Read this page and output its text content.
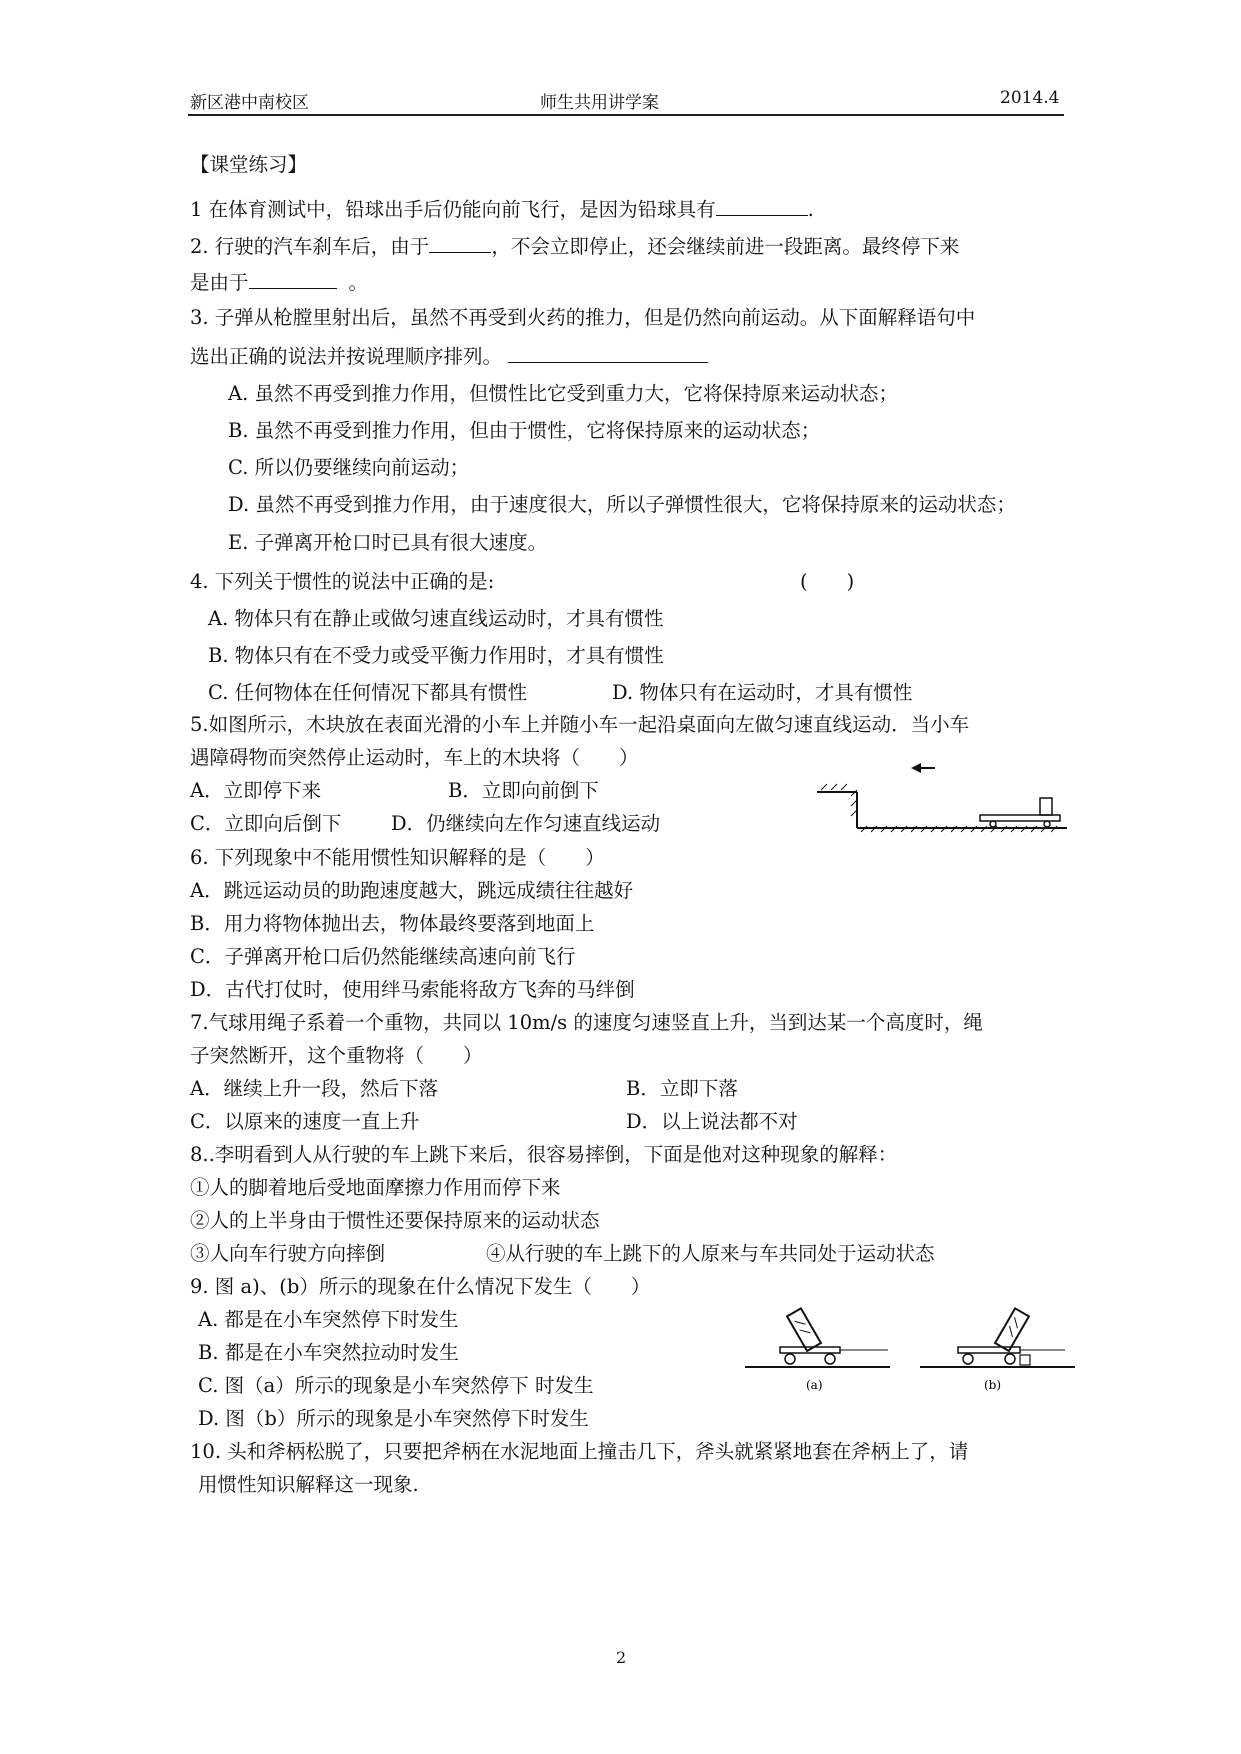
新区港中南校区	师生共用讲学案	2014.4
【课堂练习】
1 在体育测试中，铅球出手后仍能向前飞行，是因为铅球具有	.
2. 行驶的汽车刹车后，由于	，不会立即停止，还会继续前进一段距离。最终停下来
是由于	。
3. 子弹从枪膛里射出后，虽然不再受到火药的推力，但是仍然向前运动。从下面解释语句中
选出正确的说法并按说理顺序排列。
A. 虽然不再受到推力作用，但惯性比它受到重力大，它将保持原来运动状态；
B. 虽然不再受到推力作用，但由于惯性，它将保持原来的运动状态；
C. 所以仍要继续向前运动；
D. 虽然不再受到推力作用，由于速度很大，所以子弹惯性很大，它将保持原来的运动状态；
E. 子弹离开枪口时已具有很大速度。
4. 下列关于惯性的说法中正确的是:	(　　)
A. 物体只有在静止或做匀速直线运动时，才具有惯性
B. 物体只有在不受力或受平衡力作用时，才具有惯性
C. 任何物体在任何情况下都具有惯性	D. 物体只有在运动时，才具有惯性
5.如图所示，木块放在表面光滑的小车上并随小车一起沿桌面向左做匀速直线运动．当小车
遇障碍物而突然停止运动时，车上的木块将（　　）
A．立即停下来	B．立即向前倒下
C．立即向后倒下	D．仍继续向左作匀速直线运动
6. 下列现象中不能用惯性知识解释的是（　　）
A．跳远运动员的助跑速度越大，跳远成绩往往越好
B．用力将物体抛出去，物体最终要落到地面上
C．子弹离开枪口后仍然能继续高速向前飞行
D．古代打仗时，使用绊马索能将敌方飞奔的马绊倒
7.气球用绳子系着一个重物，共同以 10m/s 的速度匀速竖直上升，当到达某一个高度时，绳
子突然断开，这个重物将（　　）
A．继续上升一段，然后下落	B．立即下落
C．以原来的速度一直上升	D．以上说法都不对
8..李明看到人从行驶的车上跳下来后，很容易摔倒，下面是他对这种现象的解释：
①人的脚着地后受地面摩擦力作用而停下来
②人的上半身由于惯性还要保持原来的运动状态
③人向车行驶方向摔倒	④从行驶的车上跳下的人原来与车共同处于运动状态
9. 图 a)、(b）所示的现象在什么情况下发生（　　）
A. 都是在小车突然停下时发生
B. 都是在小车突然拉动时发生
C. 图（a）所示的现象是小车突然停下 时发生
D. 图（b）所示的现象是小车突然停下时发生
(a)	(b)
10. 头和斧柄松脱了，只要把斧柄在水泥地面上撞击几下，斧头就紧紧地套在斧柄上了，请
用惯性知识解释这一现象.
2
